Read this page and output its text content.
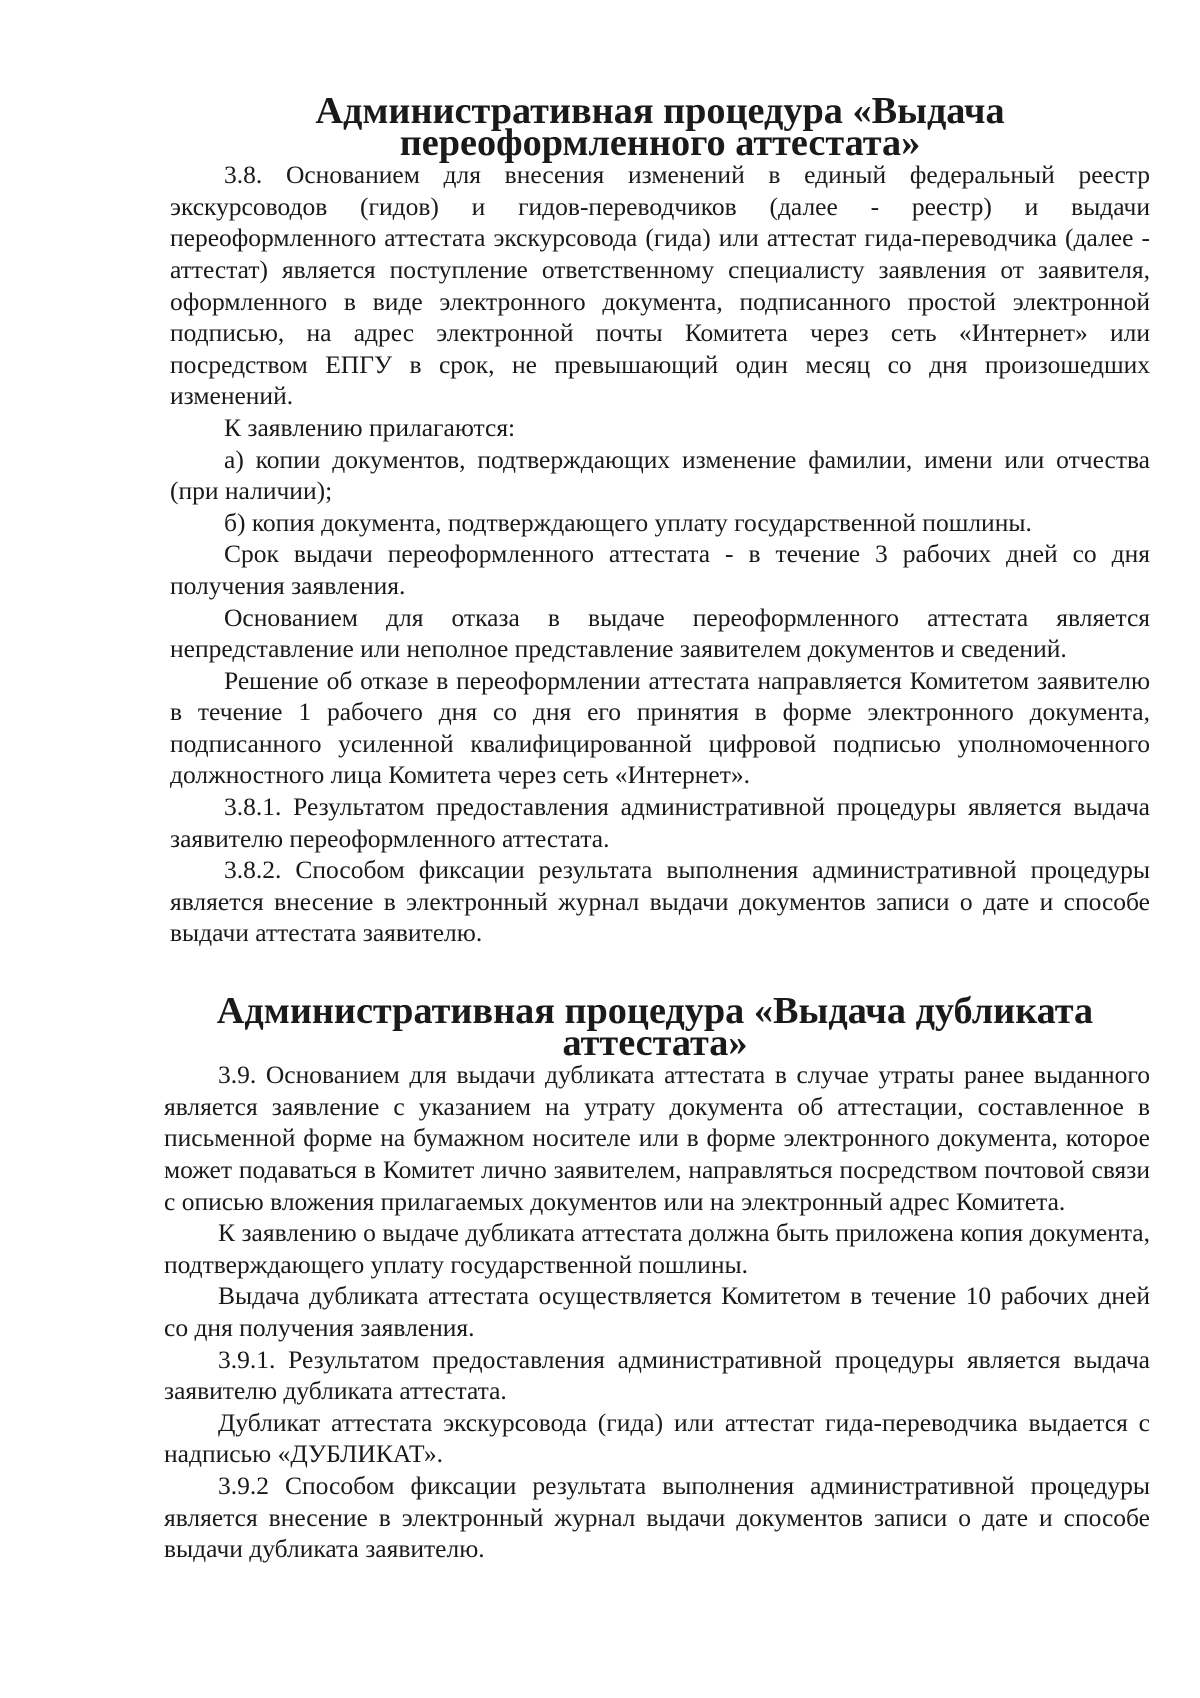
Административная процедура «Выдача переоформленного аттестата»

3.8. Основанием для внесения изменений в единый федеральный реестр экскурсоводов (гидов) и гидов-переводчиков (далее - реестр) и выдачи переоформленного аттестата экскурсовода (гида) или аттестат гида-переводчика (далее - аттестат) является поступление ответственному специалисту заявления от заявителя, оформленного в виде электронного документа, подписанного простой электронной подписью, на адрес электронной почты Комитета через сеть «Интернет» или посредством ЕПГУ в срок, не превышающий один месяц со дня произошедших изменений.

К заявлению прилагаются:

а) копии документов, подтверждающих изменение фамилии, имени или отчества (при наличии);

б) копия документа, подтверждающего уплату государственной пошлины.

Срок выдачи переоформленного аттестата - в течение 3 рабочих дней со дня получения заявления.

Основанием для отказа в выдаче переоформленного аттестата является непредставление или неполное представление заявителем документов и сведений.

Решение об отказе в переоформлении аттестата направляется Комитетом заявителю в течение 1 рабочего дня со дня его принятия в форме электронного документа, подписанного усиленной квалифицированной цифровой подписью уполномоченного должностного лица Комитета через сеть «Интернет».

3.8.1. Результатом предоставления административной процедуры является выдача заявителю переоформленного аттестата.

3.8.2. Способом фиксации результата выполнения административной процедуры является внесение в электронный журнал выдачи документов записи о дате и способе выдачи аттестата заявителю.

Административная процедура «Выдача дубликата аттестата»

3.9. Основанием для выдачи дубликата аттестата в случае утраты ранее выданного является заявление с указанием на утрату документа об аттестации, составленное в письменной форме на бумажном носителе или в форме электронного документа, которое может подаваться в Комитет лично заявителем, направляться посредством почтовой связи с описью вложения прилагаемых документов или на электронный адрес Комитета.

К заявлению о выдаче дубликата аттестата должна быть приложена копия документа, подтверждающего уплату государственной пошлины.

Выдача дубликата аттестата осуществляется Комитетом в течение 10 рабочих дней со дня получения заявления.

3.9.1. Результатом предоставления административной процедуры является выдача заявителю дубликата аттестата.

Дубликат аттестата экскурсовода (гида) или аттестат гида-переводчика выдается с надписью «ДУБЛИКАТ».

3.9.2 Способом фиксации результата выполнения административной процедуры является внесение в электронный журнал выдачи документов записи о дате и способе выдачи дубликата заявителю.
